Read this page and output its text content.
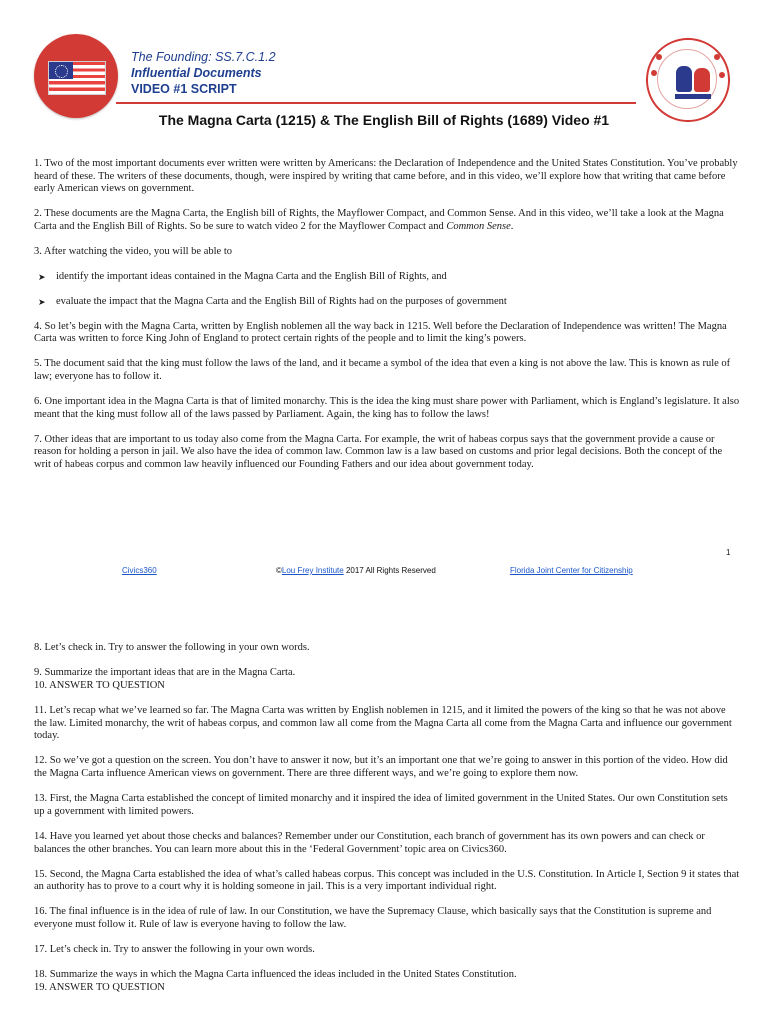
The Founding: SS.7.C.1.2
Influential Documents
VIDEO #1 SCRIPT
The Magna Carta (1215) & The English Bill of Rights (1689) Video #1

1. Two of the most important documents ever written were written by Americans: the Declaration of Independence and the United States Constitution. You’ve probably heard of these. The writers of these documents, though, were inspired by writing that came before, and in this video, we’ll explore how that writing that came before early American views on government.

2. These documents are the Magna Carta, the English bill of Rights, the Mayflower Compact, and Common Sense. And in this video, we’ll take a look at the Magna Carta and the English Bill of Rights. So be sure to watch video 2 for the Mayflower Compact and Common Sense.

3. After watching the video, you will be able to

➤ identify the important ideas contained in the Magna Carta and the English Bill of Rights, and
➤ evaluate the impact that the Magna Carta and the English Bill of Rights had on the purposes of government

4. So let’s begin with the Magna Carta, written by English noblemen all the way back in 1215. Well before the Declaration of Independence was written! The Magna Carta was written to force King John of England to protect certain rights of the people and to limit the king’s powers.

5. The document said that the king must follow the laws of the land, and it became a symbol of the idea that even a king is not above the law. This is known as rule of law; everyone has to follow it.

6. One important idea in the Magna Carta is that of limited monarchy. This is the idea the king must share power with Parliament, which is England’s legislature. It also meant that the king must follow all of the laws passed by Parliament. Again, the king has to follow the laws!

7. Other ideas that are important to us today also come from the Magna Carta. For example, the writ of habeas corpus says that the government provide a cause or reason for holding a person in jail. We also have the idea of common law. Common law is a law based on customs and prior legal decisions. Both the concept of the writ of habeas corpus and common law heavily influenced our Founding Fathers and our idea about government today.

1
Civics360	©Lou Frey Institute 2017 All Rights Reserved	Florida Joint Center for Citizenship

8. Let’s check in. Try to answer the following in your own words.

9. Summarize the important ideas that are in the Magna Carta.

10. ANSWER TO QUESTION

11. Let’s recap what we’ve learned so far. The Magna Carta was written by English noblemen in 1215, and it limited the powers of the king so that he was not above the law. Limited monarchy, the writ of habeas corpus, and common law all come from the Magna Carta all come from the Magna Carta and influence our government today.

12. So we’ve got a question on the screen. You don’t have to answer it now, but it’s an important one that we’re going to answer in this portion of the video. How did the Magna Carta influence American views on government. There are three different ways, and we’re going to explore them now.

13. First, the Magna Carta established the concept of limited monarchy and it inspired the idea of limited government in the United States. Our own Constitution sets up a government with limited powers.

14. Have you learned yet about those checks and balances? Remember under our Constitution, each branch of government has its own powers and can check or balances the other branches. You can learn more about this in the ‘Federal Government’ topic area on Civics360.

15. Second, the Magna Carta established the idea of what’s called habeas corpus. This concept was included in the U.S. Constitution. In Article I, Section 9 it states that an authority has to prove to a court why it is holding someone in jail. This is a very important individual right.

16. The final influence is in the idea of rule of law. In our Constitution, we have the Supremacy Clause, which basically says that the Constitution is supreme and everyone must follow it. Rule of law is everyone having to follow the law.

17. Let’s check in. Try to answer the following in your own words.

18. Summarize the ways in which the Magna Carta influenced the ideas included in the United States Constitution.

19. ANSWER TO QUESTION
